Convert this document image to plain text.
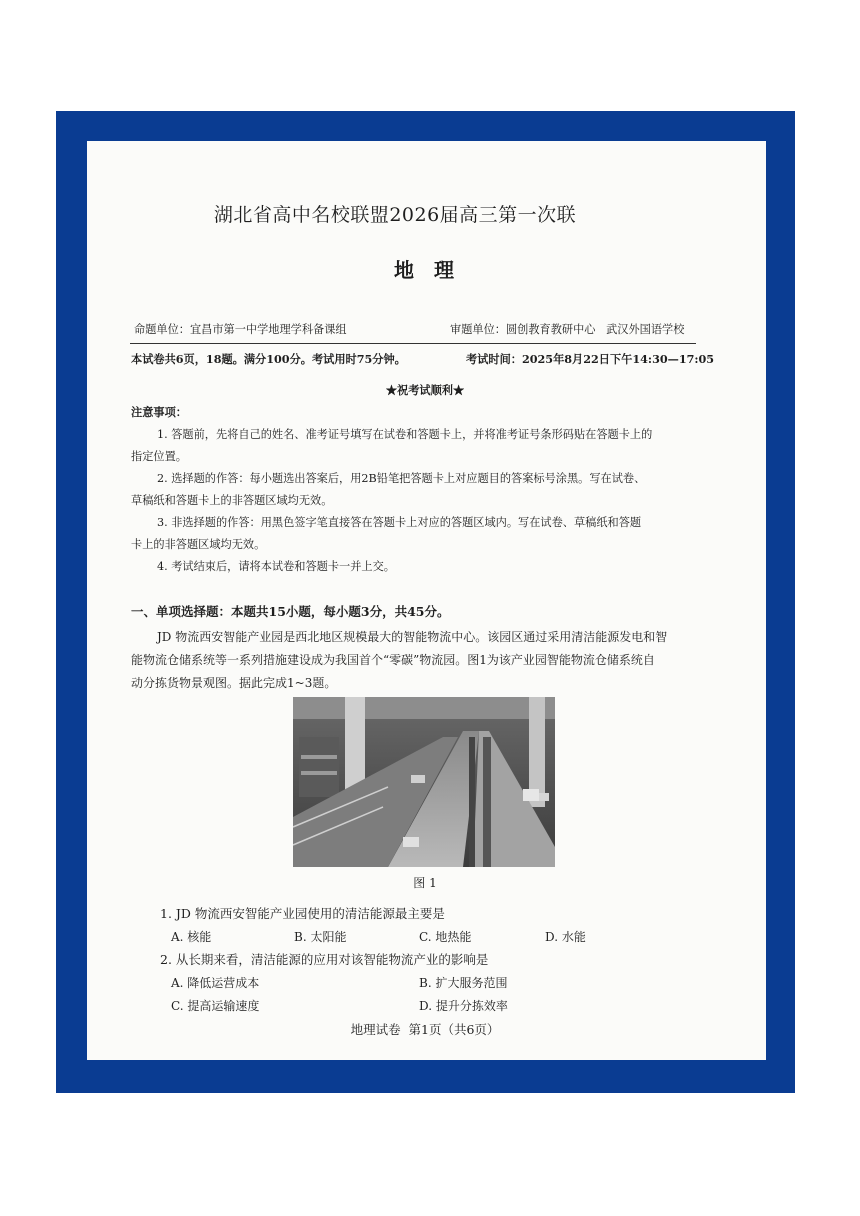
湖北省高中名校联盟2026届高三第一次联
地  理
命题单位：宜昌市第一中学地理学科备课组	审题单位：圆创教育教研中心   武汉外国语学校
本试卷共6页，18题。满分100分。考试用时75分钟。	考试时间：2025年8月22日下午14:30—17:05
★祝考试顺利★
注意事项：
1. 答题前，先将自己的姓名、准考证号填写在试卷和答题卡上，并将准考证号条形码贴在答题卡上的
指定位置。
2. 选择题的作答：每小题选出答案后，用2B铅笔把答题卡上对应题目的答案标号涂黑。写在试卷、
草稿纸和答题卡上的非答题区域均无效。
3. 非选择题的作答：用黑色签字笔直接答在答题卡上对应的答题区域内。写在试卷、草稿纸和答题
卡上的非答题区域均无效。
4. 考试结束后，请将本试卷和答题卡一并上交。
一、单项选择题：本题共15小题，每小题3分，共45分。
JD 物流西安智能产业园是西北地区规模最大的智能物流中心。该园区通过采用清洁能源发电和智
能物流仓储系统等一系列措施建设成为我国首个“零碳”物流园。图1为该产业园智能物流仓储系统自
动分拣货物景观图。据此完成1~3题。
图 1
1. JD 物流西安智能产业园使用的清洁能源最主要是
A. 核能	B. 太阳能	C. 地热能	D. 水能
2. 从长期来看，清洁能源的应用对该智能物流产业的影响是
A. 降低运营成本	B. 扩大服务范围
C. 提高运输速度	D. 提升分拣效率
地理试卷  第1页（共6页）
